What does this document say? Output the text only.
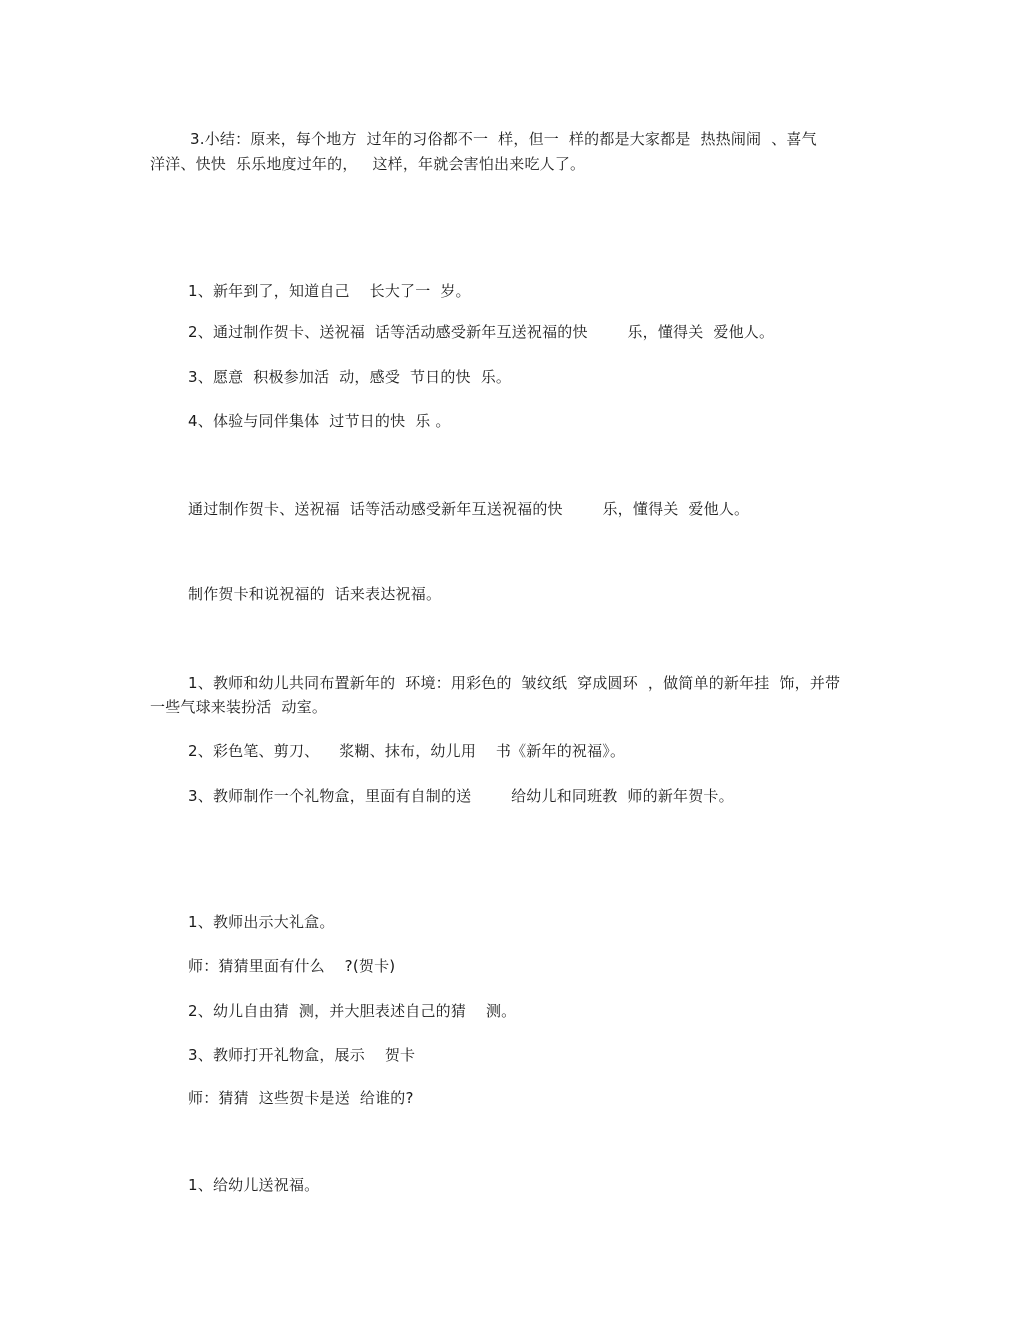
3.小结：原来，每个地方  过年的习俗都不一  样，但一  样的都是大家都是  热热闹闹  、喜气
洋洋、快快  乐乐地度过年的，   这样，年就会害怕出来吃人了。
1、新年到了，知道自己    长大了一  岁。
2、通过制作贺卡、送祝福  话等活动感受新年互送祝福的快        乐，懂得关  爱他人。
3、愿意  积极参加活  动，感受  节日的快  乐。
4、体验与同伴集体  过节日的快  乐 。
通过制作贺卡、送祝福  话等活动感受新年互送祝福的快        乐，懂得关  爱他人。
制作贺卡和说祝福的  话来表达祝福。
1、教师和幼儿共同布置新年的  环境：用彩色的  皱纹纸  穿成圆环  ，做简单的新年挂  饰，并带
一些气球来装扮活  动室。
2、彩色笔、剪刀、    浆糊、抹布，幼儿用    书《新年的祝福》。
3、教师制作一个礼物盒，里面有自制的送        给幼儿和同班教  师的新年贺卡。
1、教师出示大礼盒。
师：猜猜里面有什么    ?(贺卡)
2、幼儿自由猜  测，并大胆表述自己的猜    测。
3、教师打开礼物盒，展示    贺卡
师：猜猜  这些贺卡是送  给谁的?
1、给幼儿送祝福。
